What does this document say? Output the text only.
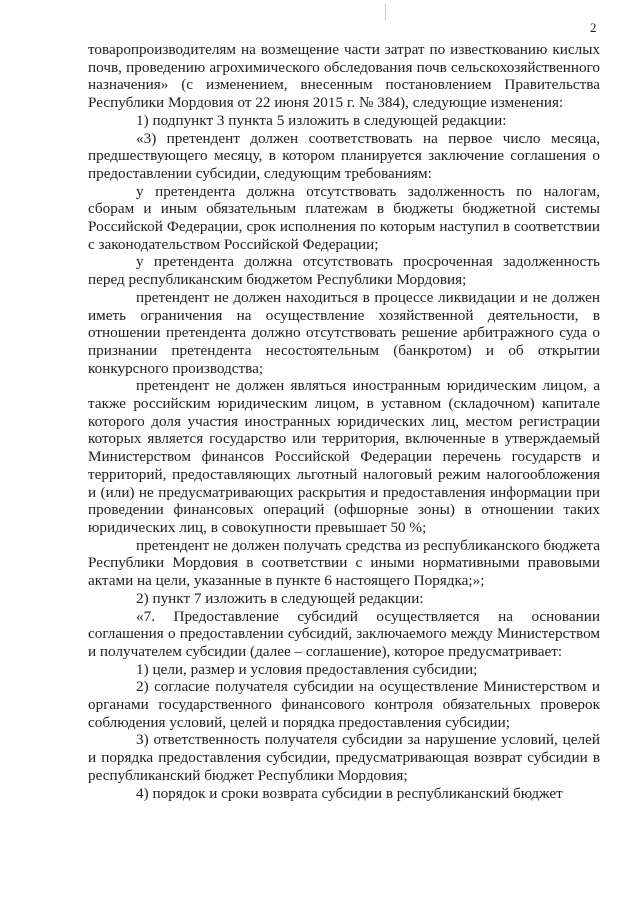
2

товаропроизводителям на возмещение части затрат по известкованию кислых почв, проведению агрохимического обследования почв сельскохозяйственного назначения» (с изменением, внесенным постановлением Правительства Республики Мордовия от 22 июня 2015 г. № 384), следующие изменения:

1) подпункт 3 пункта 5 изложить в следующей редакции:

«3) претендент должен соответствовать на первое число месяца, предшествующего месяцу, в котором планируется заключение соглашения о предоставлении субсидии, следующим требованиям:

у претендента должна отсутствовать задолженность по налогам, сборам и иным обязательным платежам в бюджеты бюджетной системы Российской Федерации, срок исполнения по которым наступил в соответствии с законодательством Российской Федерации;

у претендента должна отсутствовать просроченная задолженность перед республиканским бюджетом Республики Мордовия;

претендент не должен находиться в процессе ликвидации и не должен иметь ограничения на осуществление хозяйственной деятельности, в отношении претендента должно отсутствовать решение арбитражного суда о признании претендента несостоятельным (банкротом) и об открытии конкурсного производства;

претендент не должен являться иностранным юридическим лицом, а также российским юридическим лицом, в уставном (складочном) капитале которого доля участия иностранных юридических лиц, местом регистрации которых является государство или территория, включенные в утверждаемый Министерством финансов Российской Федерации перечень государств и территорий, предоставляющих льготный налоговый режим налогообложения и (или) не предусматривающих раскрытия и предоставления информации при проведении финансовых операций (офшорные зоны) в отношении таких юридических лиц, в совокупности превышает 50 %;

претендент не должен получать средства из республиканского бюджета Республики Мордовия в соответствии с иными нормативными правовыми актами на цели, указанные в пункте 6 настоящего Порядка;»;

2) пункт 7 изложить в следующей редакции:

«7. Предоставление субсидий осуществляется на основании соглашения о предоставлении субсидий, заключаемого между Министерством и получателем субсидии (далее – соглашение), которое предусматривает:

1) цели, размер и условия предоставления субсидии;

2) согласие получателя субсидии на осуществление Министерством и органами государственного финансового контроля обязательных проверок соблюдения условий, целей и порядка предоставления субсидии;

3) ответственность получателя субсидии за нарушение условий, целей и порядка предоставления субсидии, предусматривающая возврат субсидии в республиканский бюджет Республики Мордовия;

4) порядок и сроки возврата субсидии в республиканский бюджет
